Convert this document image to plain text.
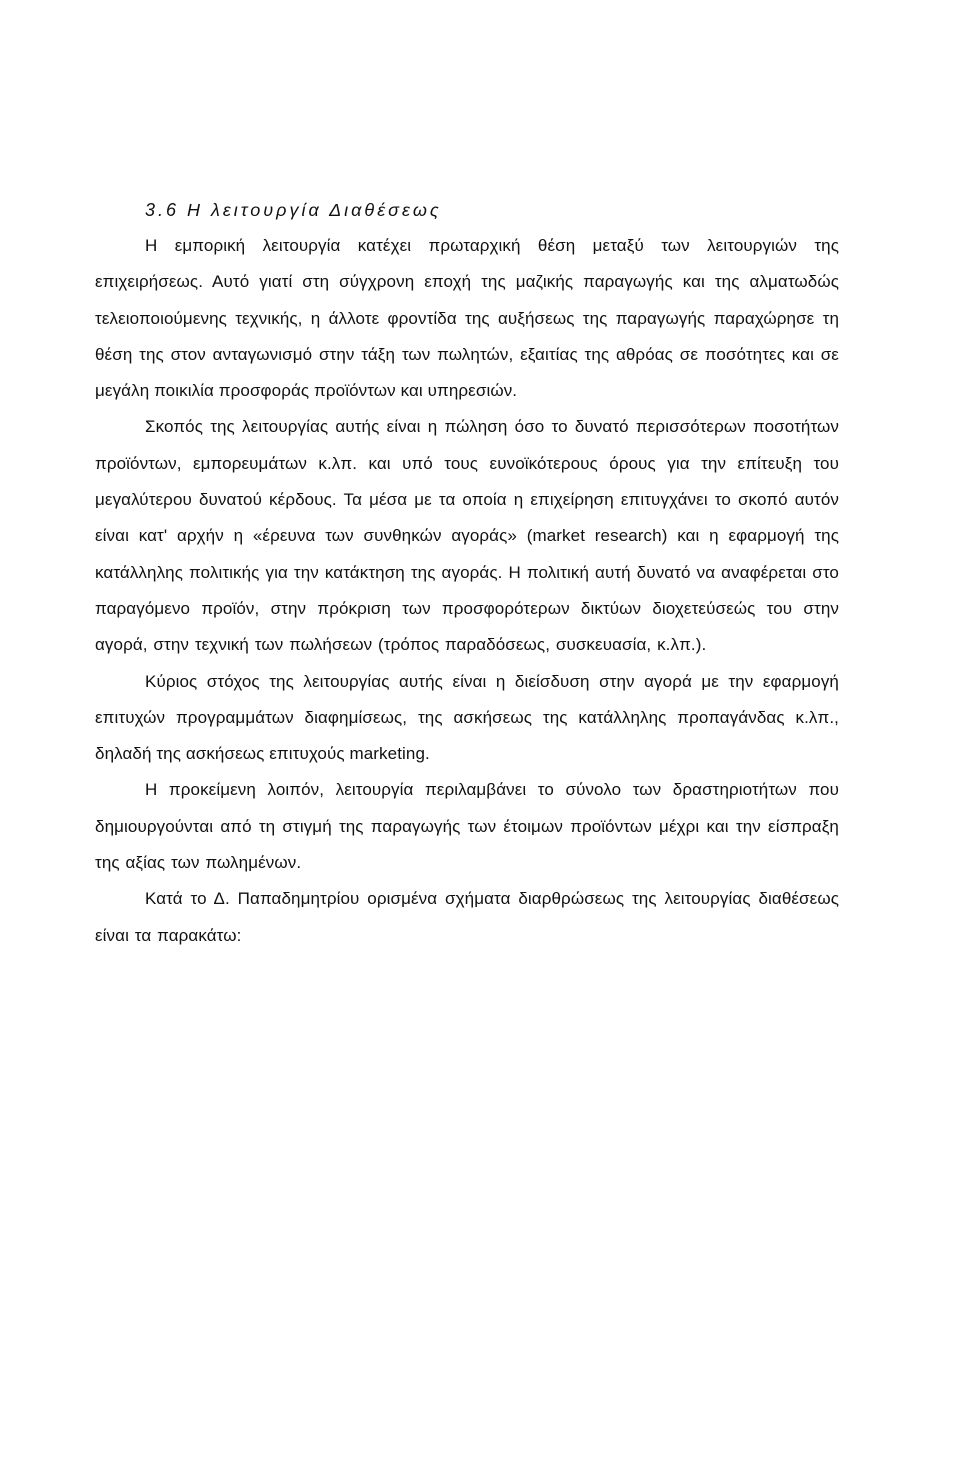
3.6 Η λειτουργία Διαθέσεως

Η εμπορική λειτουργία κατέχει πρωταρχική θέση μεταξύ των λειτουργιών της επιχειρήσεως. Αυτό γιατί στη σύγχρονη εποχή της μαζικής παραγωγής και της αλματωδώς τελειοποιούμενης τεχνικής, η άλλοτε φροντίδα της αυξήσεως της παραγωγής παραχώρησε τη θέση της στον ανταγωνισμό στην τάξη των πωλητών, εξαιτίας της αθρόας σε ποσότητες και σε μεγάλη ποικιλία προσφοράς προϊόντων και υπηρεσιών.

Σκοπός της λειτουργίας αυτής είναι η πώληση όσο το δυνατό περισσότερων ποσοτήτων προϊόντων, εμπορευμάτων κ.λπ. και υπό τους ευνοϊκότερους όρους για την επίτευξη του μεγαλύτερου δυνατού κέρδους. Τα μέσα με τα οποία η επιχείρηση επιτυγχάνει το σκοπό αυτόν είναι κατ' αρχήν η «έρευνα των συνθηκών αγοράς» (market research) και η εφαρμογή της κατάλληλης πολιτικής για την κατάκτηση της αγοράς. Η πολιτική αυτή δυνατό να αναφέρεται στο παραγόμενο προϊόν, στην πρόκριση των προσφορότερων δικτύων διοχετεύσεώς του στην αγορά, στην τεχνική των πωλήσεων (τρόπος παραδόσεως, συσκευασία, κ.λπ.).

Κύριος στόχος της λειτουργίας αυτής είναι η διείσδυση στην αγορά με την εφαρμογή επιτυχών προγραμμάτων διαφημίσεως, της ασκήσεως της κατάλληλης προπαγάνδας κ.λπ., δηλαδή της ασκήσεως επιτυχούς marketing.

Η προκείμενη λοιπόν, λειτουργία περιλαμβάνει το σύνολο των δραστηριοτήτων που δημιουργούνται από τη στιγμή της παραγωγής των έτοιμων προϊόντων μέχρι και την είσπραξη της αξίας των πωλημένων.

Κατά το Δ. Παπαδημητρίου ορισμένα σχήματα διαρθρώσεως της λειτουργίας διαθέσεως είναι τα παρακάτω:
